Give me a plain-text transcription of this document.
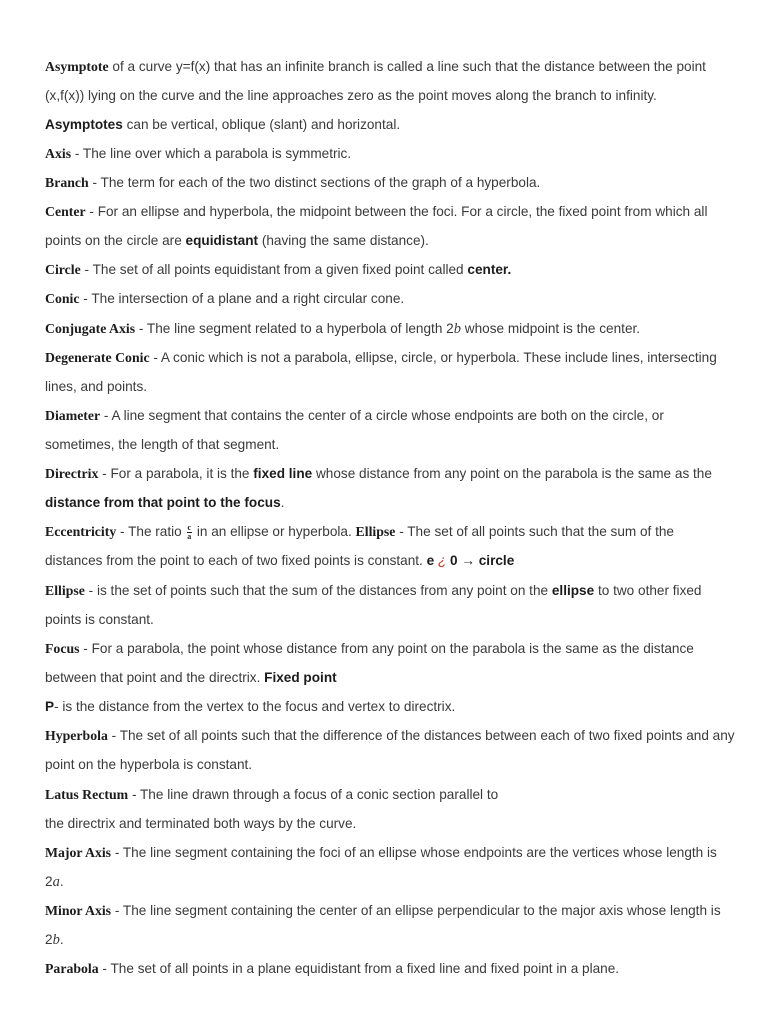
Asymptote of a curve y=f(x) that has an infinite branch is called a line such that the distance between the point (x,f(x)) lying on the curve and the line approaches zero as the point moves along the branch to infinity. Asymptotes can be vertical, oblique (slant) and horizontal.

Axis - The line over which a parabola is symmetric.

Branch - The term for each of the two distinct sections of the graph of a hyperbola.

Center - For an ellipse and hyperbola, the midpoint between the foci. For a circle, the fixed point from which all points on the circle are equidistant (having the same distance).

Circle - The set of all points equidistant from a given fixed point called center.

Conic - The intersection of a plane and a right circular cone.

Conjugate Axis - The line segment related to a hyperbola of length 2b whose midpoint is the center.

Degenerate Conic - A conic which is not a parabola, ellipse, circle, or hyperbola. These include lines, intersecting lines, and points.

Diameter - A line segment that contains the center of a circle whose endpoints are both on the circle, or sometimes, the length of that segment.

Directrix - For a parabola, it is the fixed line whose distance from any point on the parabola is the same as the distance from that point to the focus.

Eccentricity - The ratio $\frac{c}{a}$ in an ellipse or hyperbola. Ellipse - The set of all points such that the sum of the distances from the point to each of two fixed points is constant. e ¿ 0 → circle

Ellipse - is the set of points such that the sum of the distances from any point on the ellipse to two other fixed points is constant.

Focus - For a parabola, the point whose distance from any point on the parabola is the same as the distance between that point and the directrix. Fixed point

P- is the distance from the vertex to the focus and vertex to directrix.

Hyperbola - The set of all points such that the difference of the distances between each of two fixed points and any point on the hyperbola is constant.

Latus Rectum - The line drawn through a focus of a conic section parallel to
the directrix and terminated both ways by the curve.

Major Axis - The line segment containing the foci of an ellipse whose endpoints are the vertices whose length is 2a.

Minor Axis - The line segment containing the center of an ellipse perpendicular to the major axis whose length is 2b.

Parabola - The set of all points in a plane equidistant from a fixed line and fixed point in a plane.
